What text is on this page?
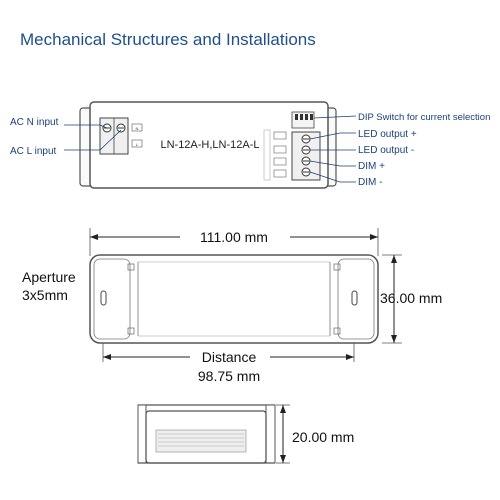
Mechanical Structures and Installations
N
L LN-12A-H,LN-12A-L
AC N input
AC L input
DIP Switch for current selection
LED output +
LED output -
DIM +
DIM -
111.00 mm
Aperture
3x5mm	36.00 mm
Distance
98.75 mm
20.00 mm
